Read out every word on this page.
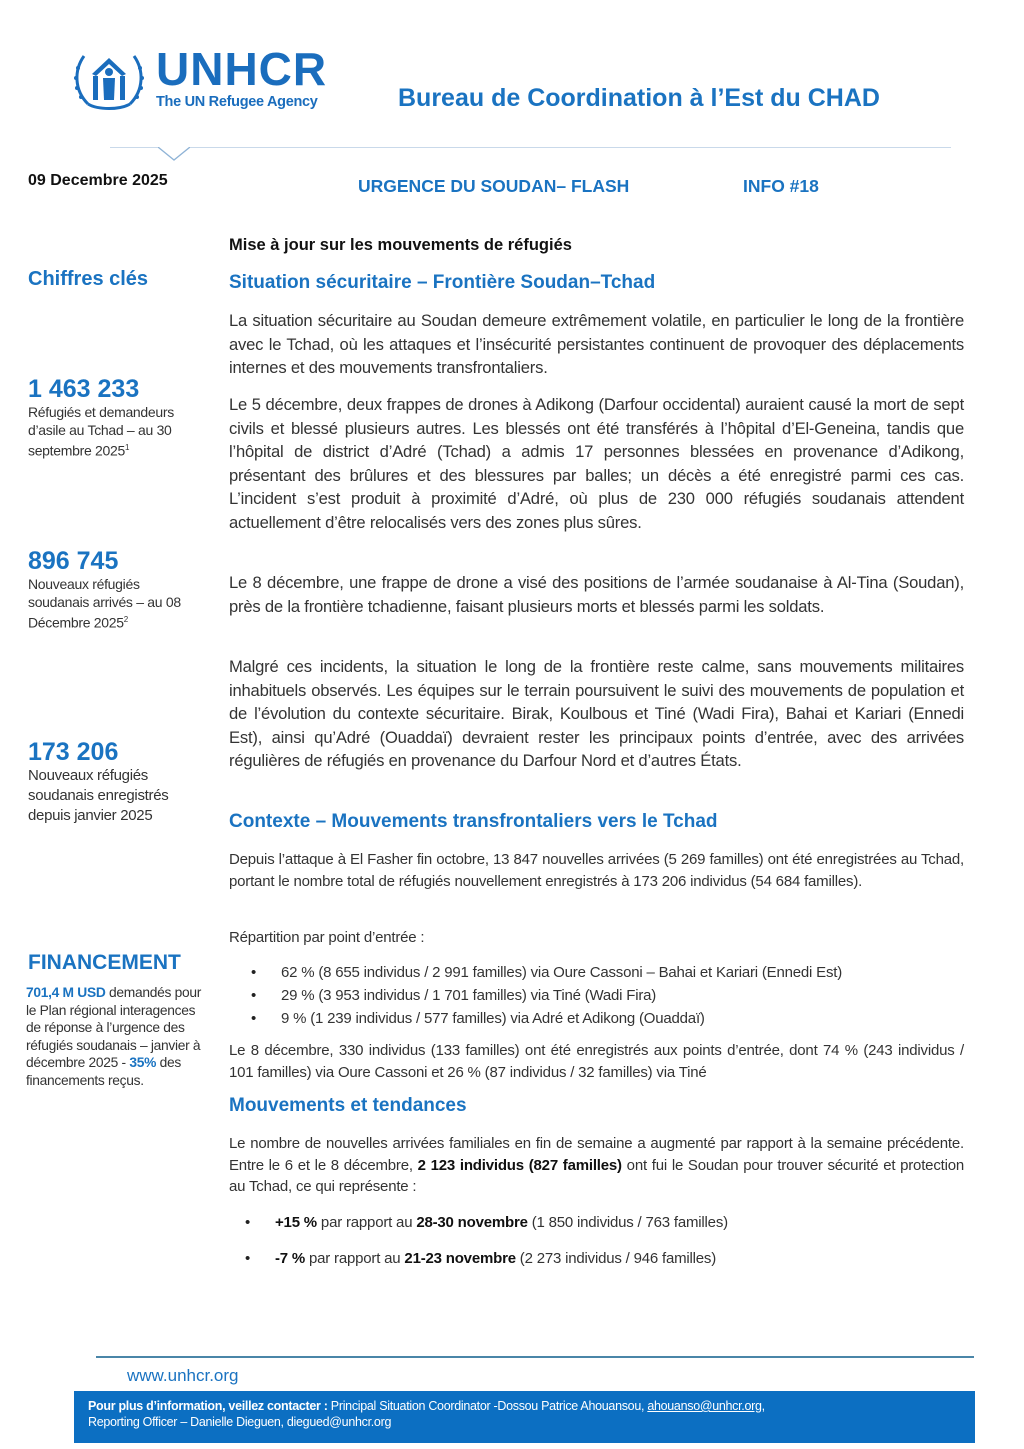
UNHCR
The UN Refugee Agency	Bureau de Coordination à l’Est du CHAD
09 Decembre 2025	URGENCE DU SOUDAN– FLASH	INFO #18
Chiffres clés
1 463 233
Réfugiés et demandeurs d’asile au Tchad – au 30 septembre 2025$^1$
896 745
Nouveaux réfugiés soudanais arrivés – au 08 Décembre 2025$^2$
173 206
Nouveaux réfugiés soudanais enregistrés depuis janvier 2025
FINANCEMENT
701,4 M USD demandés pour le Plan régional interagences de réponse à l’urgence des réfugiés soudanais – janvier à décembre 2025 - 35% des financements reçus.
Mise à jour sur les mouvements de réfugiés
Situation sécuritaire – Frontière Soudan–Tchad
La situation sécuritaire au Soudan demeure extrêmement volatile, en particulier le long de la frontière avec le Tchad, où les attaques et l’insécurité persistantes continuent de provoquer des déplacements internes et des mouvements transfrontaliers.
Le 5 décembre, deux frappes de drones à Adikong (Darfour occidental) auraient causé la mort de sept civils et blessé plusieurs autres. Les blessés ont été transférés à l’hôpital d’El-Geneina, tandis que l’hôpital de district d’Adré (Tchad) a admis 17 personnes blessées en provenance d’Adikong, présentant des brûlures et des blessures par balles; un décès a été enregistré parmi ces cas. L’incident s’est produit à proximité d’Adré, où plus de 230 000 réfugiés soudanais attendent actuellement d’être relocalisés vers des zones plus sûres.
Le 8 décembre, une frappe de drone a visé des positions de l’armée soudanaise à Al-Tina (Soudan), près de la frontière tchadienne, faisant plusieurs morts et blessés parmi les soldats.
Malgré ces incidents, la situation le long de la frontière reste calme, sans mouvements militaires inhabituels observés. Les équipes sur le terrain poursuivent le suivi des mouvements de population et de l’évolution du contexte sécuritaire. Birak, Koulbous et Tiné (Wadi Fira), Bahai et Kariari (Ennedi Est), ainsi qu’Adré (Ouaddaï) devraient rester les principaux points d’entrée, avec des arrivées régulières de réfugiés en provenance du Darfour Nord et d’autres États.
Contexte – Mouvements transfrontaliers vers le Tchad
Depuis l’attaque à El Fasher fin octobre, 13 847 nouvelles arrivées (5 269 familles) ont été enregistrées au Tchad, portant le nombre total de réfugiés nouvellement enregistrés à 173 206 individus (54 684 familles).
Répartition par point d’entrée :
• 62 % (8 655 individus / 2 991 familles) via Oure Cassoni – Bahai et Kariari (Ennedi Est)
• 29 % (3 953 individus / 1 701 familles) via Tiné (Wadi Fira)
• 9 % (1 239 individus / 577 familles) via Adré et Adikong (Ouaddaï)
Le 8 décembre, 330 individus (133 familles) ont été enregistrés aux points d’entrée, dont 74 % (243 individus / 101 familles) via Oure Cassoni et 26 % (87 individus / 32 familles) via Tiné
Mouvements et tendances
Le nombre de nouvelles arrivées familiales en fin de semaine a augmenté par rapport à la semaine précédente. Entre le 6 et le 8 décembre, 2 123 individus (827 familles) ont fui le Soudan pour trouver sécurité et protection au Tchad, ce qui représente :
• +15 % par rapport au 28-30 novembre (1 850 individus / 763 familles)
• -7 % par rapport au 21-23 novembre (2 273 individus / 946 familles)
www.unhcr.org
Pour plus d’information, veillez contacter : Principal Situation Coordinator -Dossou Patrice Ahouansou, ahouanso@unhcr.org,
Reporting Officer – Danielle Dieguen, diegued@unhcr.org
